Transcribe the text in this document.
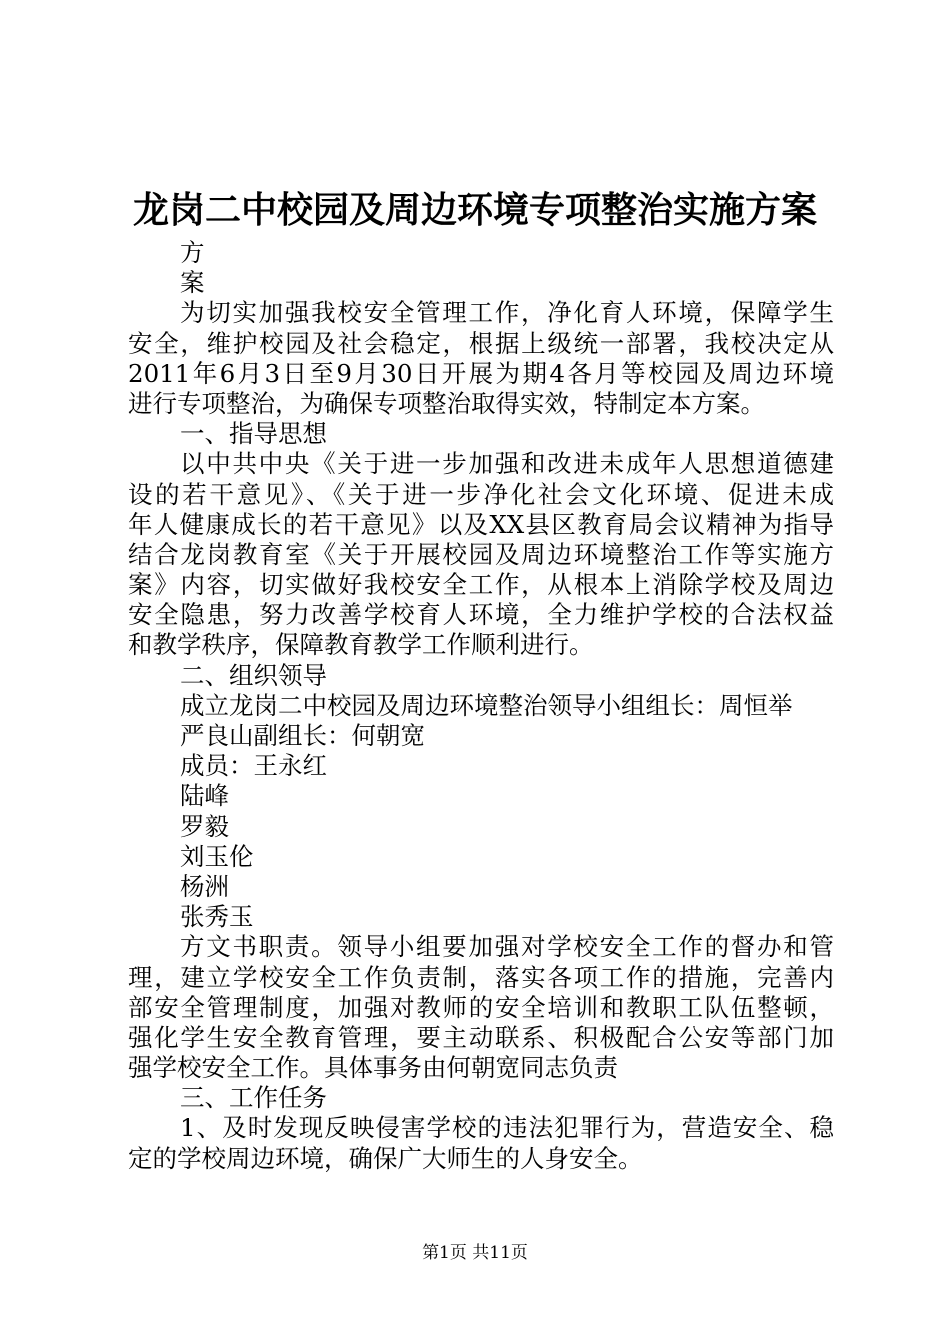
龙岗二中校园及周边环境专项整治实施方案
方
案
为切实加强我校安全管理工作，净化育人环境，保障学生
安全，维护校园及社会稳定，根据上级统一部署，我校决定从
2011年6月3日至9月30日开展为期4各月等校园及周边环境
进行专项整治，为确保专项整治取得实效，特制定本方案。
一、指导思想
以中共中央《关于进一步加强和改进未成年人思想道德建
设的若干意见》、《关于进一步净化社会文化环境、促进未成
年人健康成长的若干意见》以及XX县区教育局会议精神为指导
结合龙岗教育室《关于开展校园及周边环境整治工作等实施方
案》内容，切实做好我校安全工作，从根本上消除学校及周边
安全隐患，努力改善学校育人环境，全力维护学校的合法权益
和教学秩序，保障教育教学工作顺利进行。
二、组织领导
成立龙岗二中校园及周边环境整治领导小组组长：周恒举
严良山副组长：何朝宽
成员：王永红
陆峰
罗毅
刘玉伦
杨洲
张秀玉
方文书职责。领导小组要加强对学校安全工作的督办和管
理，建立学校安全工作负责制，落实各项工作的措施，完善内
部安全管理制度，加强对教师的安全培训和教职工队伍整顿，
强化学生安全教育管理，要主动联系、积极配合公安等部门加
强学校安全工作。具体事务由何朝宽同志负责
三、工作任务
1、及时发现反映侵害学校的违法犯罪行为，营造安全、稳
定的学校周边环境，确保广大师生的人身安全。
第1页 共11页
